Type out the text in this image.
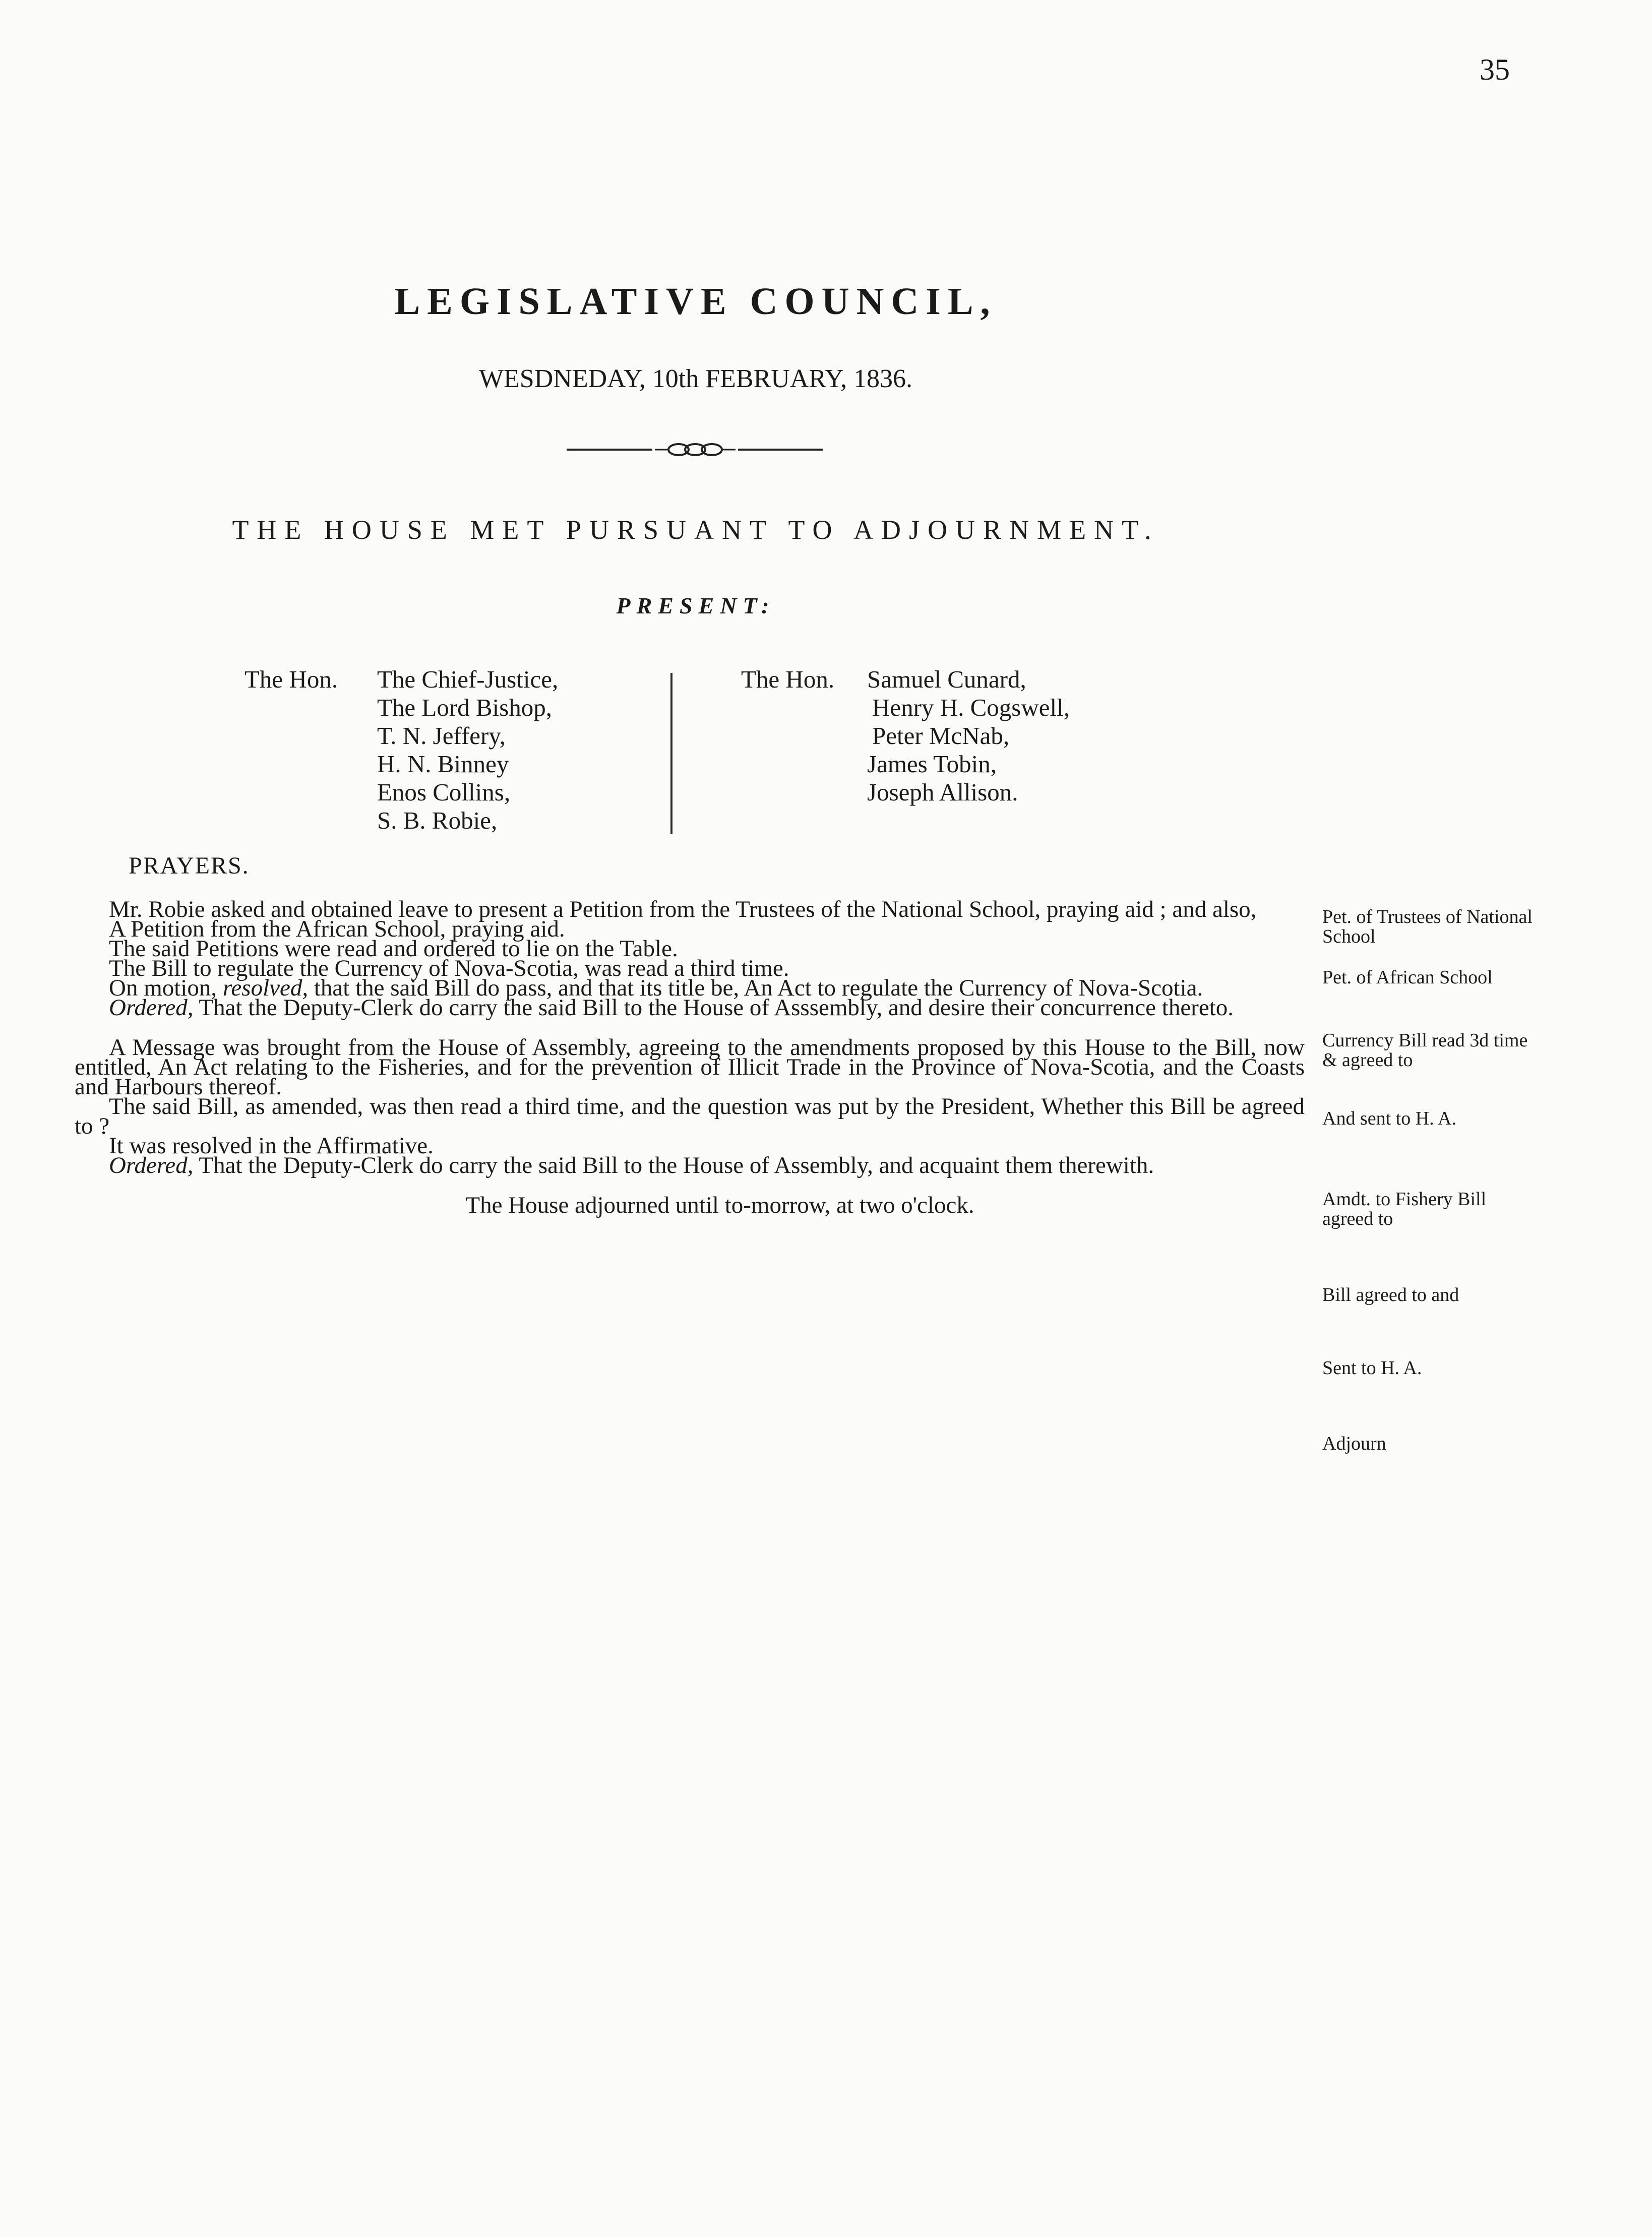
35
LEGISLATIVE COUNCIL,
WESDNEDAY, 10th FEBRUARY, 1836.
THE HOUSE MET PURSUANT TO ADJOURNMENT.
PRESENT:
The Hon. The Chief-Justice,
The Lord Bishop,
T. N. Jeffery,
H. N. Binney
Enos Collins,
S. B. Robie,
The Hon. Samuel Cunard,
Henry H. Cogswell,
Peter McNab,
James Tobin,
Joseph Allison.
PRAYERS.

Mr. Robie asked and obtained leave to present a Petition from the Trustees of the National School, praying aid ; and also,

A Petition from the African School, praying aid.

The said Petitions were read and ordered to lie on the Table.

The Bill to regulate the Currency of Nova-Scotia, was read a third time.

On motion, resolved, that the said Bill do pass, and that its title be, An Act to regulate the Currency of Nova-Scotia.

Ordered, That the Deputy-Clerk do carry the said Bill to the House of Asssembly, and desire their concurrence thereto.

A Message was brought from the House of Assembly, agreeing to the amendments proposed by this House to the Bill, now entitled, An Act relating to the Fisheries, and for the prevention of Illicit Trade in the Province of Nova-Scotia, and the Coasts and Harbours thereof.

The said Bill, as amended, was then read a third time, and the question was put by the President, Whether this Bill be agreed to ?

It was resolved in the Affirmative.

Ordered, That the Deputy-Clerk do carry the said Bill to the House of Assembly, and acquaint them therewith.

The House adjourned until to-morrow, at two o'clock.

Pet. of Trustees of National School
Pet. of African School
Currency Bill read 3d time & agreed to
And sent to H. A.
Amdt. to Fishery Bill agreed to
Bill agreed to and
Sent to H. A.
Adjourn
